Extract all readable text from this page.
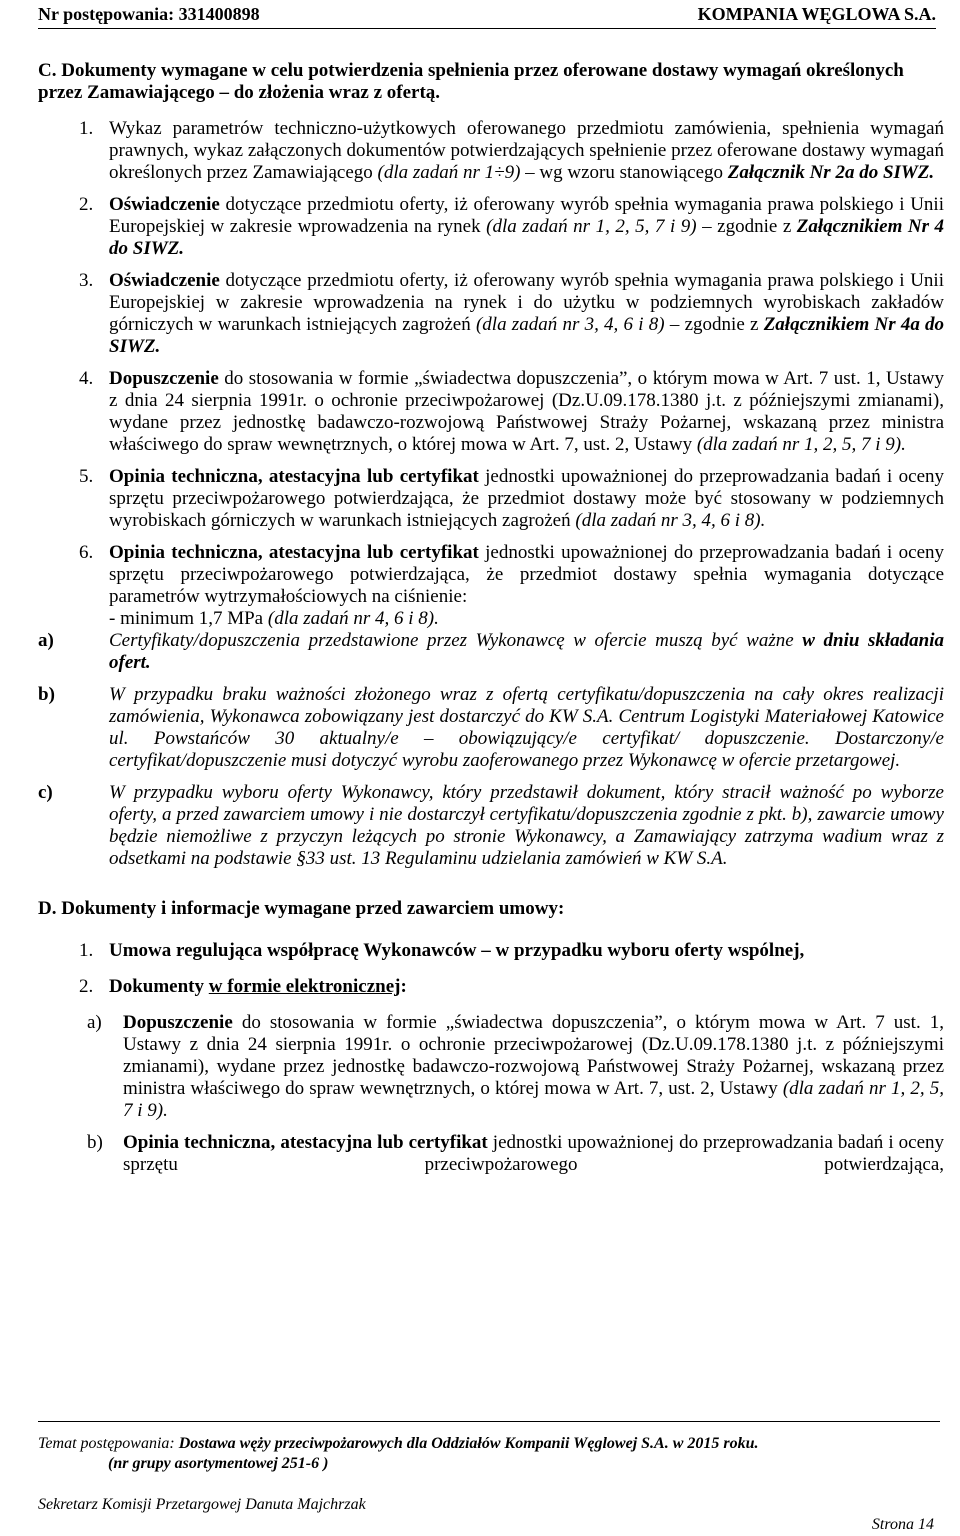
Nr postępowania: 331400898	KOMPANIA WĘGLOWA S.A.

C. Dokumenty wymagane w celu potwierdzenia spełnienia przez oferowane dostawy wymagań określonych przez Zamawiającego – do złożenia wraz z ofertą.

1. Wykaz parametrów techniczno-użytkowych oferowanego przedmiotu zamówienia, spełnienia wymagań prawnych, wykaz załączonych dokumentów potwierdzających spełnienie przez oferowane dostawy wymagań określonych przez Zamawiającego (dla zadań nr 1÷9) – wg wzoru stanowiącego Załącznik Nr 2a do SIWZ.
2. Oświadczenie dotyczące przedmiotu oferty, iż oferowany wyrób spełnia wymagania prawa polskiego i Unii Europejskiej w zakresie wprowadzenia na rynek (dla zadań nr 1, 2, 5, 7 i 9) – zgodnie z Załącznikiem Nr 4 do SIWZ.
3. Oświadczenie dotyczące przedmiotu oferty, iż oferowany wyrób spełnia wymagania prawa polskiego i Unii Europejskiej w zakresie wprowadzenia na rynek i do użytku w podziemnych wyrobiskach zakładów górniczych w warunkach istniejących zagrożeń (dla zadań nr 3, 4, 6 i 8) – zgodnie z Załącznikiem Nr 4a do SIWZ.
4. Dopuszczenie do stosowania w formie „świadectwa dopuszczenia”, o którym mowa w Art. 7 ust. 1, Ustawy z dnia 24 sierpnia 1991r. o ochronie przeciwpożarowej (Dz.U.09.178.1380 j.t. z późniejszymi zmianami), wydane przez jednostkę badawczo-rozwojową Państwowej Straży Pożarnej, wskazaną przez ministra właściwego do spraw wewnętrznych, o której mowa w Art. 7, ust. 2, Ustawy (dla zadań nr 1, 2, 5, 7 i 9).
5. Opinia techniczna, atestacyjna lub certyfikat jednostki upoważnionej do przeprowadzania badań i oceny sprzętu przeciwpożarowego potwierdzająca, że przedmiot dostawy może być stosowany w podziemnych wyrobiskach górniczych w warunkach istniejących zagrożeń (dla zadań nr 3, 4, 6 i 8).
6. Opinia techniczna, atestacyjna lub certyfikat jednostki upoważnionej do przeprowadzania badań i oceny sprzętu przeciwpożarowego potwierdzająca, że przedmiot dostawy spełnia wymagania dotyczące parametrów wytrzymałościowych na ciśnienie:
- minimum 1,7 MPa (dla zadań nr 4, 6 i 8).
a)	Certyfikaty/dopuszczenia przedstawione przez Wykonawcę w ofercie muszą być ważne w dniu składania ofert.
b)	W przypadku braku ważności złożonego wraz z ofertą certyfikatu/dopuszczenia na cały okres realizacji zamówienia, Wykonawca zobowiązany jest dostarczyć do KW S.A. Centrum Logistyki Materiałowej Katowice ul. Powstańców 30 aktualny/e – obowiązujący/e certyfikat/ dopuszczenie. Dostarczony/e certyfikat/dopuszczenie musi dotyczyć wyrobu zaoferowanego przez Wykonawcę w ofercie przetargowej.
c)	W przypadku wyboru oferty Wykonawcy, który przedstawił dokument, który stracił ważność po wyborze oferty, a przed zawarciem umowy i nie dostarczył certyfikatu/dopuszczenia zgodnie z pkt. b), zawarcie umowy będzie niemożliwe z przyczyn leżących po stronie Wykonawcy, a Zamawiający zatrzyma wadium wraz z odsetkami na podstawie §33 ust. 13 Regulaminu udzielania zamówień w KW S.A.

D. Dokumenty i informacje wymagane przed zawarciem umowy:

1. Umowa regulująca współpracę Wykonawców – w przypadku wyboru oferty wspólnej,
2. Dokumenty w formie elektronicznej:
a)	Dopuszczenie do stosowania w formie „świadectwa dopuszczenia”, o którym mowa w Art. 7 ust. 1, Ustawy z dnia 24 sierpnia 1991r. o ochronie przeciwpożarowej (Dz.U.09.178.1380 j.t. z późniejszymi zmianami), wydane przez jednostkę badawczo-rozwojową Państwowej Straży Pożarnej, wskazaną przez ministra właściwego do spraw wewnętrznych, o której mowa w Art. 7, ust. 2, Ustawy (dla zadań nr 1, 2, 5, 7 i 9).
b)	Opinia techniczna, atestacyjna lub certyfikat jednostki upoważnionej do przeprowadzania badań i oceny sprzętu przeciwpożarowego potwierdzająca,
Temat postępowania: Dostawa węży przeciwpożarowych dla Oddziałów Kompanii Węglowej S.A. w 2015 roku.
(nr grupy asortymentowej 251-6 )
Sekretarz Komisji Przetargowej Danuta Majchrzak
Strona 14
